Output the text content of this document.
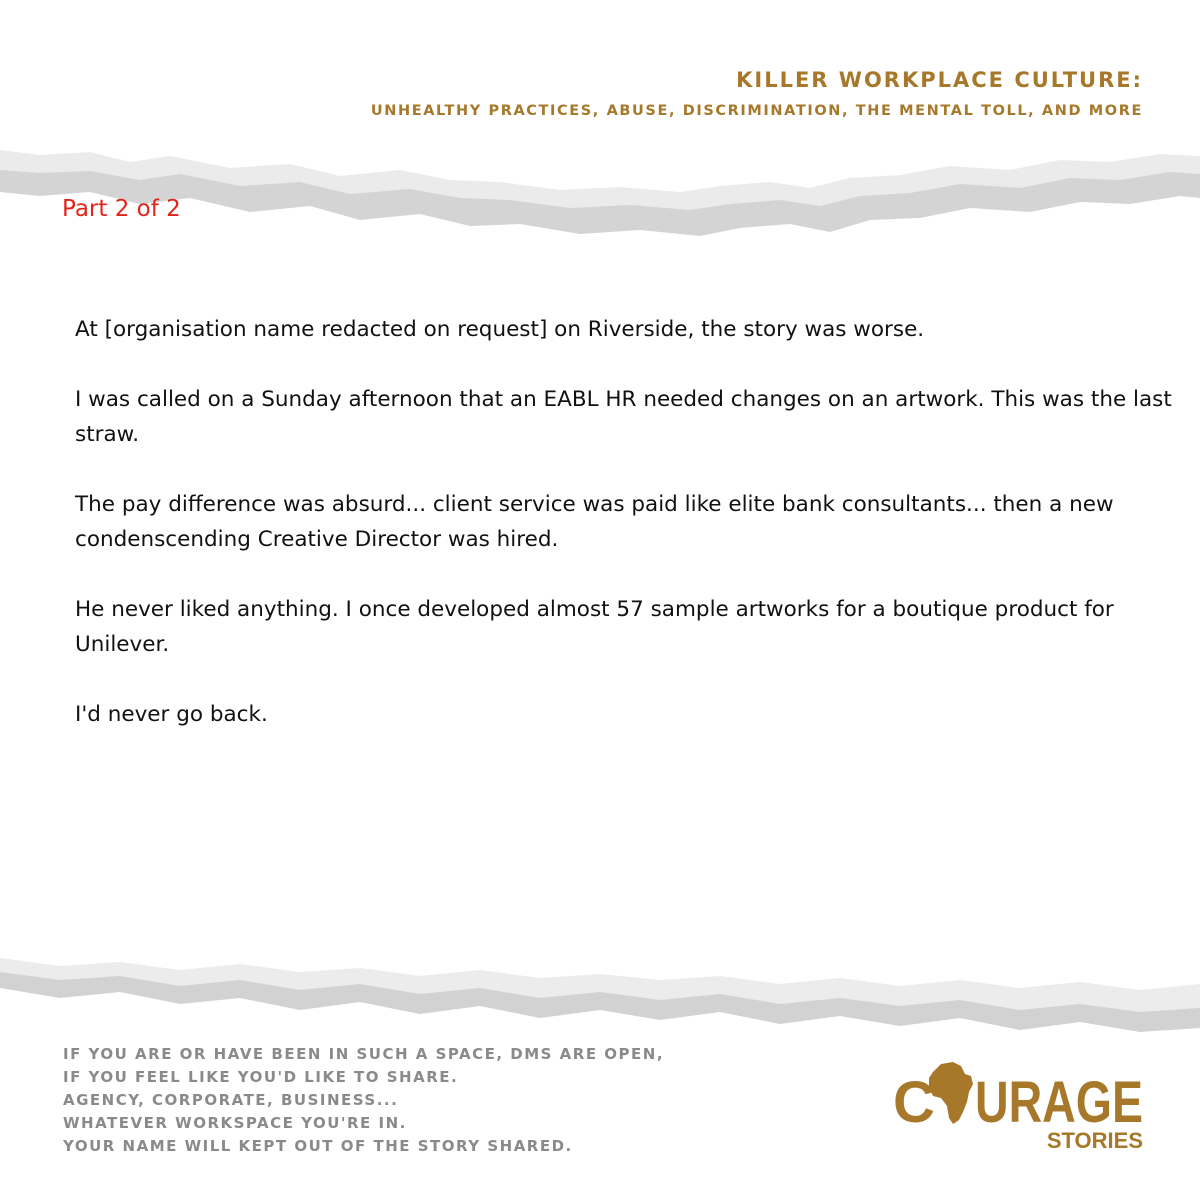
KILLER WORKPLACE CULTURE:
UNHEALTHY PRACTICES, ABUSE, DISCRIMINATION, THE MENTAL TOLL, AND MORE
Part 2 of 2

At [organisation name redacted on request] on Riverside, the story was worse.

I was called on a Sunday afternoon that an EABL HR needed changes on an artwork. This was the last straw.

The pay difference was absurd... client service was paid like elite bank consultants... then a new condenscending Creative Director was hired.

He never liked anything. I once developed almost 57 sample artworks for a boutique product for Unilever.

I'd never go back.

IF YOU ARE OR HAVE BEEN IN SUCH A SPACE, DMS ARE OPEN,
IF YOU FEEL LIKE YOU'D LIKE TO SHARE.
AGENCY, CORPORATE, BUSINESS...
WHATEVER WORKSPACE YOU'RE IN.
YOUR NAME WILL KEPT OUT OF THE STORY SHARED.
C URAGE
STORIES
